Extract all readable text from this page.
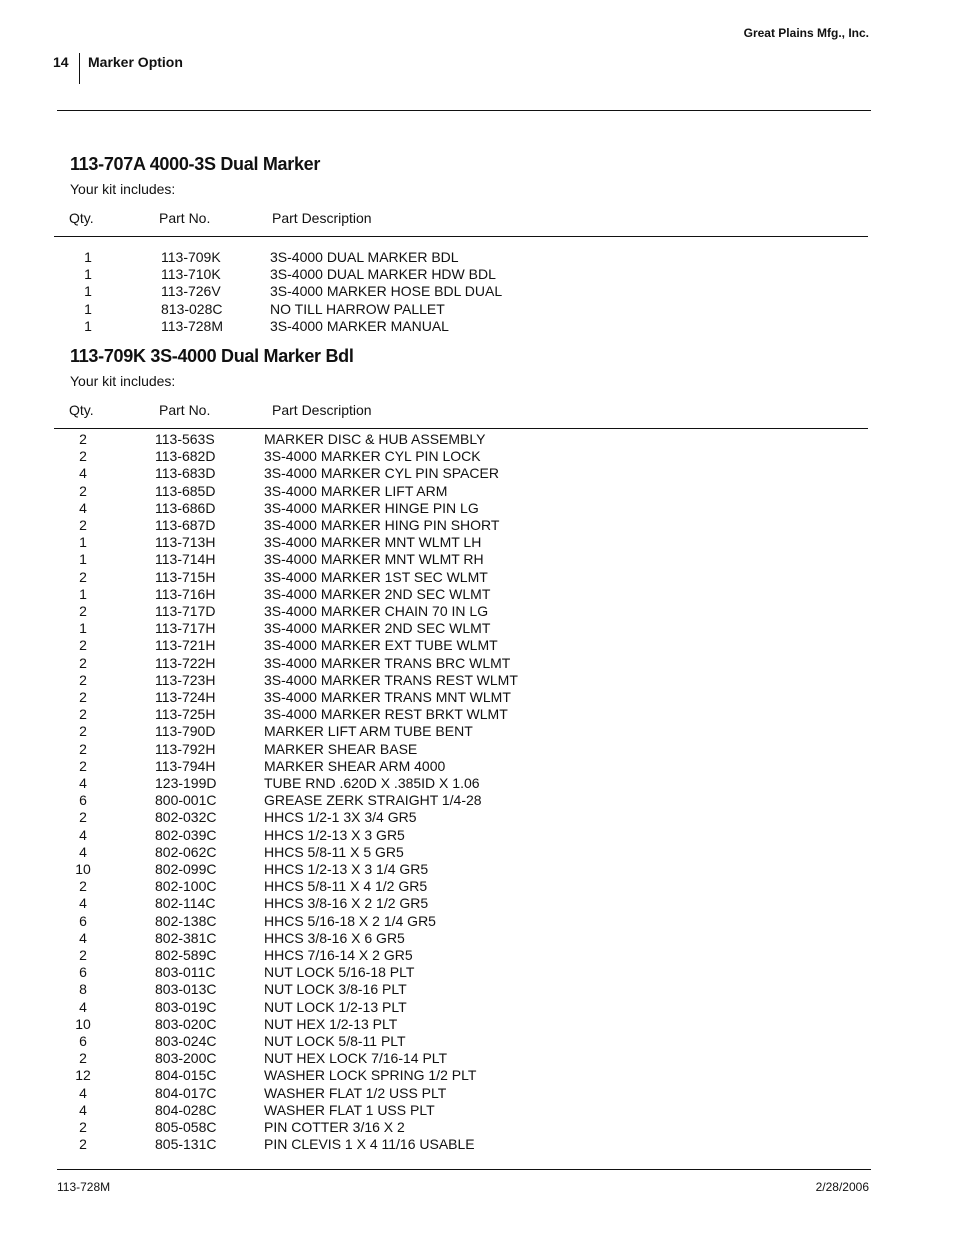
Great Plains Mfg., Inc.
14 Marker Option
113-707A 4000-3S Dual Marker
Your kit includes:
Qty.	Part No.	Part Description
1	113-709K	3S-4000 DUAL MARKER BDL
1	113-710K	3S-4000 DUAL MARKER HDW BDL
1	113-726V	3S-4000 MARKER HOSE BDL DUAL
1	813-028C	NO TILL HARROW PALLET
1	113-728M	3S-4000 MARKER MANUAL
113-709K 3S-4000 Dual Marker Bdl
Your kit includes:
Qty.	Part No.	Part Description
2	113-563S	MARKER DISC & HUB ASSEMBLY
2	113-682D	3S-4000 MARKER CYL PIN LOCK
4	113-683D	3S-4000 MARKER CYL PIN SPACER
2	113-685D	3S-4000 MARKER LIFT ARM
4	113-686D	3S-4000 MARKER HINGE PIN LG
2	113-687D	3S-4000 MARKER HING PIN SHORT
1	113-713H	3S-4000 MARKER MNT WLMT LH
1	113-714H	3S-4000 MARKER MNT WLMT RH
2	113-715H	3S-4000 MARKER 1ST SEC WLMT
1	113-716H	3S-4000 MARKER 2ND SEC WLMT
2	113-717D	3S-4000 MARKER CHAIN 70 IN LG
1	113-717H	3S-4000 MARKER 2ND SEC WLMT
2	113-721H	3S-4000 MARKER EXT TUBE WLMT
2	113-722H	3S-4000 MARKER TRANS BRC WLMT
2	113-723H	3S-4000 MARKER TRANS REST WLMT
2	113-724H	3S-4000 MARKER TRANS MNT WLMT
2	113-725H	3S-4000 MARKER REST BRKT WLMT
2	113-790D	MARKER LIFT ARM TUBE BENT
2	113-792H	MARKER SHEAR BASE
2	113-794H	MARKER SHEAR ARM 4000
4	123-199D	TUBE RND .620D X .385ID X 1.06
6	800-001C	GREASE ZERK STRAIGHT 1/4-28
2	802-032C	HHCS 1/2-1 3X 3/4 GR5
4	802-039C	HHCS 1/2-13 X 3 GR5
4	802-062C	HHCS 5/8-11 X 5 GR5
10	802-099C	HHCS 1/2-13 X 3 1/4 GR5
2	802-100C	HHCS 5/8-11 X 4 1/2 GR5
4	802-114C	HHCS 3/8-16 X 2 1/2 GR5
6	802-138C	HHCS 5/16-18 X 2 1/4 GR5
4	802-381C	HHCS 3/8-16 X 6 GR5
2	802-589C	HHCS 7/16-14 X 2 GR5
6	803-011C	NUT LOCK 5/16-18 PLT
8	803-013C	NUT LOCK 3/8-16 PLT
4	803-019C	NUT LOCK 1/2-13 PLT
10	803-020C	NUT HEX 1/2-13 PLT
6	803-024C	NUT LOCK 5/8-11 PLT
2	803-200C	NUT HEX LOCK 7/16-14 PLT
12	804-015C	WASHER LOCK SPRING 1/2 PLT
4	804-017C	WASHER FLAT 1/2 USS PLT
4	804-028C	WASHER FLAT 1 USS PLT
2	805-058C	PIN COTTER 3/16 X 2
2	805-131C	PIN CLEVIS 1 X 4 11/16 USABLE
113-728M	2/28/2006
